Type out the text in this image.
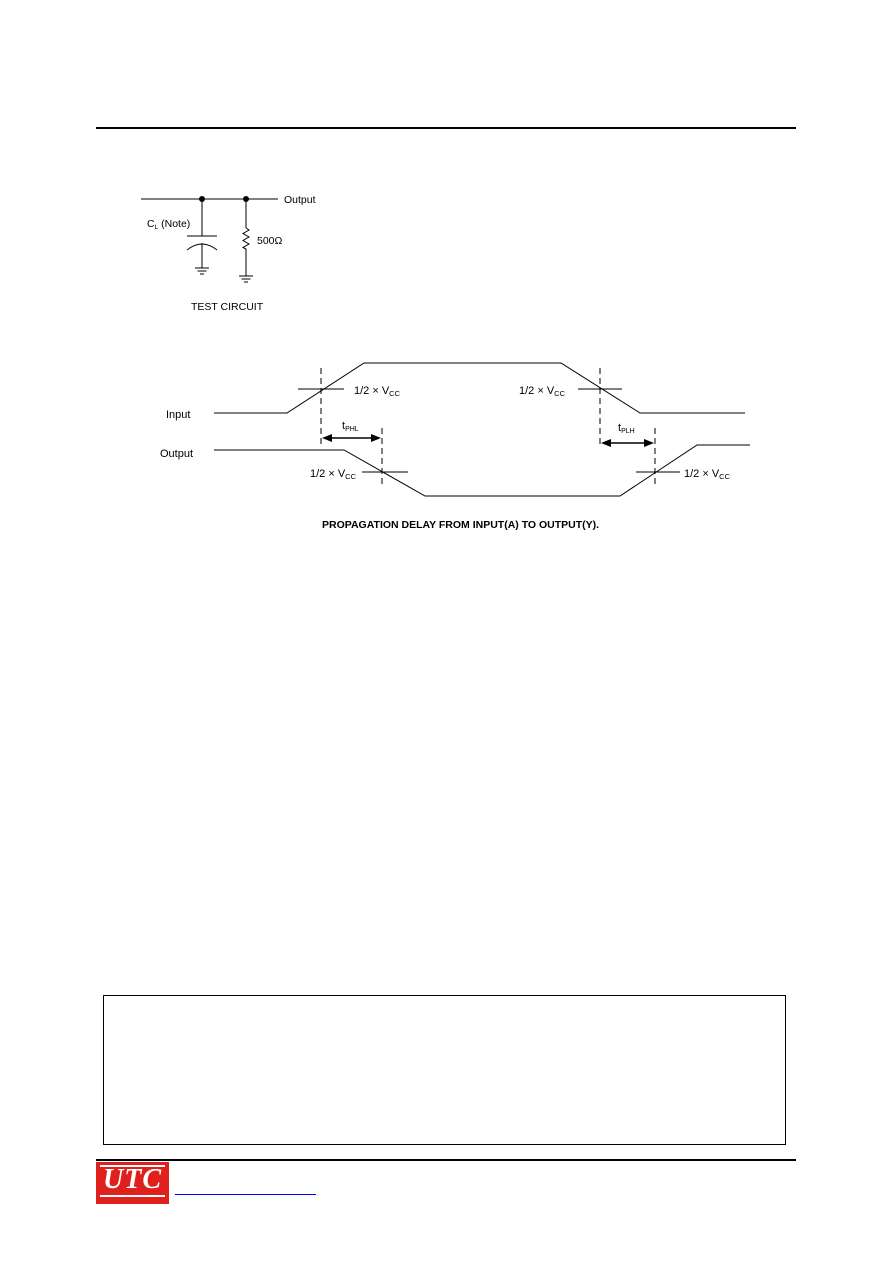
Output
CL (Note)
500Ω
TEST CIRCUIT
Input
Output
1/2 × VCC	1/2 × VCC
1/2 × VCC	1/2 × VCC
tPHL	tPLH
PROPAGATION DELAY FROM INPUT(A) TO OUTPUT(Y).
UTC
